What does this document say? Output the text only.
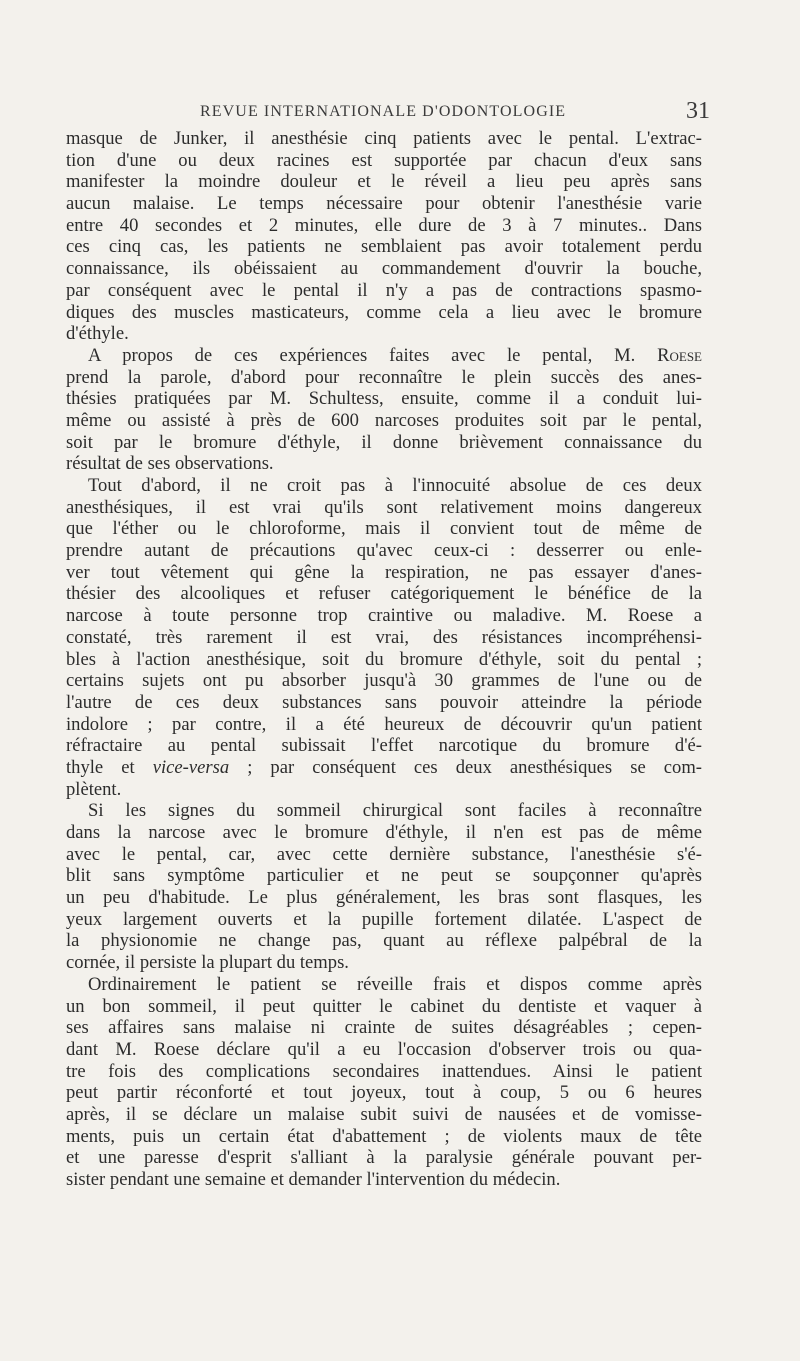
REVUE INTERNATIONALE D'ODONTOLOGIE	31
masque de Junker, il anesthésie cinq patients avec le pental. L'extrac-
tion d'une ou deux racines est supportée par chacun d'eux sans
manifester la moindre douleur et le réveil a lieu peu après sans
aucun malaise. Le temps nécessaire pour obtenir l'anesthésie varie
entre 40 secondes et 2 minutes, elle dure de 3 à 7 minutes.. Dans
ces cinq cas, les patients ne semblaient pas avoir totalement perdu
connaissance, ils obéissaient au commandement d'ouvrir la bouche,
par conséquent avec le pental il n'y a pas de contractions spasmo-
diques des muscles masticateurs, comme cela a lieu avec le bromure
d'éthyle.
A propos de ces expériences faites avec le pental, M. Roese
prend la parole, d'abord pour reconnaître le plein succès des anes-
thésies pratiquées par M. Schultess, ensuite, comme il a conduit lui-
même ou assisté à près de 600 narcoses produites soit par le pental,
soit par le bromure d'éthyle, il donne brièvement connaissance du
résultat de ses observations.
Tout d'abord, il ne croit pas à l'innocuité absolue de ces deux
anesthésiques, il est vrai qu'ils sont relativement moins dangereux
que l'éther ou le chloroforme, mais il convient tout de même de
prendre autant de précautions qu'avec ceux-ci : desserrer ou enle-
ver tout vêtement qui gêne la respiration, ne pas essayer d'anes-
thésier des alcooliques et refuser catégoriquement le bénéfice de la
narcose à toute personne trop craintive ou maladive. M. Roese a
constaté, très rarement il est vrai, des résistances incompréhensi-
bles à l'action anesthésique, soit du bromure d'éthyle, soit du pental ;
certains sujets ont pu absorber jusqu'à 30 grammes de l'une ou de
l'autre de ces deux substances sans pouvoir atteindre la période
indolore ; par contre, il a été heureux de découvrir qu'un patient
réfractaire au pental subissait l'effet narcotique du bromure d'é-
thyle et vice-versa ; par conséquent ces deux anesthésiques se com-
plètent.
Si les signes du sommeil chirurgical sont faciles à reconnaître
dans la narcose avec le bromure d'éthyle, il n'en est pas de même
avec le pental, car, avec cette dernière substance, l'anesthésie s'é-
blit sans symptôme particulier et ne peut se soupçonner qu'après
un peu d'habitude. Le plus généralement, les bras sont flasques, les
yeux largement ouverts et la pupille fortement dilatée. L'aspect de
la physionomie ne change pas, quant au réflexe palpébral de la
cornée, il persiste la plupart du temps.
Ordinairement le patient se réveille frais et dispos comme après
un bon sommeil, il peut quitter le cabinet du dentiste et vaquer à
ses affaires sans malaise ni crainte de suites désagréables ; cepen-
dant M. Roese déclare qu'il a eu l'occasion d'observer trois ou qua-
tre fois des complications secondaires inattendues. Ainsi le patient
peut partir réconforté et tout joyeux, tout à coup, 5 ou 6 heures
après, il se déclare un malaise subit suivi de nausées et de vomisse-
ments, puis un certain état d'abattement ; de violents maux de tête
et une paresse d'esprit s'alliant à la paralysie générale pouvant per-
sister pendant une semaine et demander l'intervention du médecin.
